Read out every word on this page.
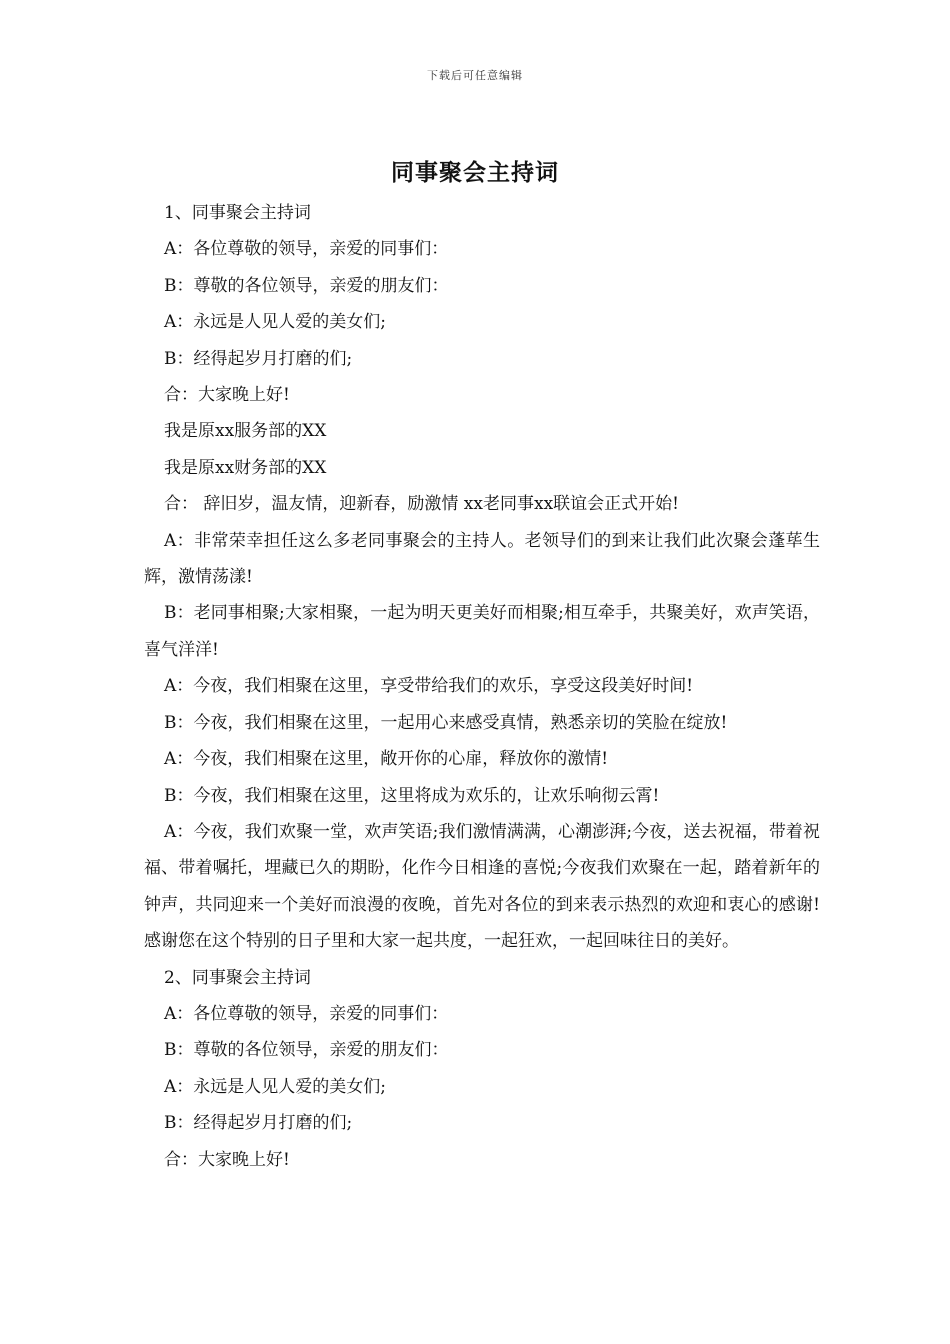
下载后可任意编辑
同事聚会主持词

1、同事聚会主持词

A：各位尊敬的领导，亲爱的同事们：

B：尊敬的各位领导，亲爱的朋友们：

A：永远是人见人爱的美女们;

B：经得起岁月打磨的们;

合：大家晚上好!

我是原xx服务部的XX

我是原xx财务部的XX

合： 辞旧岁，温友情，迎新春，励激情 xx老同事xx联谊会正式开始!

A：非常荣幸担任这么多老同事聚会的主持人。老领导们的到来让我们此次聚会蓬荜生辉，激情荡漾!

B：老同事相聚;大家相聚，一起为明天更美好而相聚;相互牵手，共聚美好，欢声笑语，喜气洋洋!

A：今夜，我们相聚在这里，享受带给我们的欢乐，享受这段美好时间!

B：今夜，我们相聚在这里，一起用心来感受真情，熟悉亲切的笑脸在绽放!

A：今夜，我们相聚在这里，敞开你的心扉，释放你的激情!

B：今夜，我们相聚在这里，这里将成为欢乐的，让欢乐响彻云霄!

A：今夜，我们欢聚一堂，欢声笑语;我们激情满满，心潮澎湃;今夜，送去祝福，带着祝福、带着嘱托，埋藏已久的期盼，化作今日相逢的喜悦;今夜我们欢聚在一起，踏着新年的钟声，共同迎来一个美好而浪漫的夜晚，首先对各位的到来表示热烈的欢迎和衷心的感谢!感谢您在这个特别的日子里和大家一起共度，一起狂欢，一起回味往日的美好。

2、同事聚会主持词

A：各位尊敬的领导，亲爱的同事们：

B：尊敬的各位领导，亲爱的朋友们：

A：永远是人见人爱的美女们;

B：经得起岁月打磨的们;

合：大家晚上好!
